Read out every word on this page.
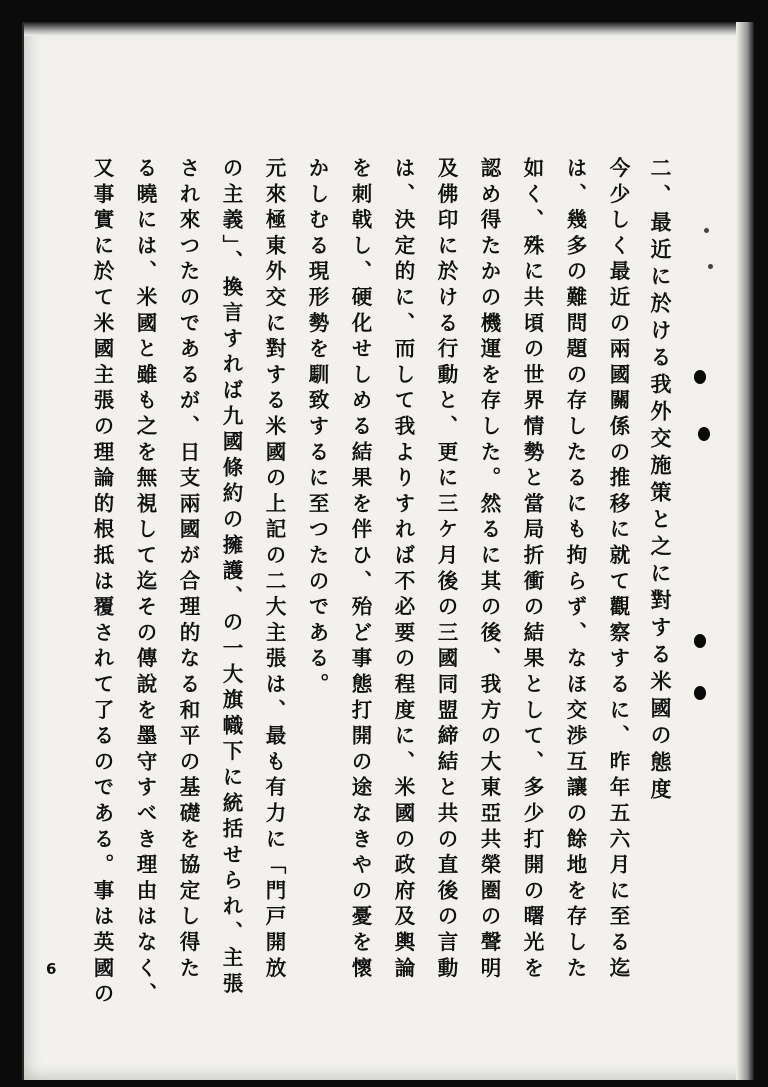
二、最近に於ける我外交施策と之に對する米國の態度
今少しく最近の兩國關係の推移に就て觀察するに、昨年五六月に至る迄
は、幾多の難問題の存したるにも拘らず、なほ交渉互讓の餘地を存した
如く、殊に共頃の世界情勢と當局折衝の結果として、多少打開の曙光を
認め得たかの機運を存した。然るに其の後、我方の大東亞共榮圏の聲明
及佛印に於ける行動と、更に三ケ月後の三國同盟締結と共の直後の言動
は、決定的に、而して我よりすれば不必要の程度に、米國の政府及輿論
を刺戟し、硬化せしめる結果を伴ひ、殆ど事態打開の途なきやの憂を懷
かしむる現形勢を馴致するに至つたのである。
元來極東外交に對する米國の上記の二大主張は、最も有力に「門戸開放
の主義」、換言すれば九國條約の擁護、の一大旗幟下に統括せられ、主張
され來つたのであるが、日支兩國が合理的なる和平の基礎を協定し得た
る曉には、米國と雖も之を無視して迄その傳說を墨守すべき理由はなく、
又事實に於て米國主張の理論的根抵は覆されて了るのである。事は英國の
6
